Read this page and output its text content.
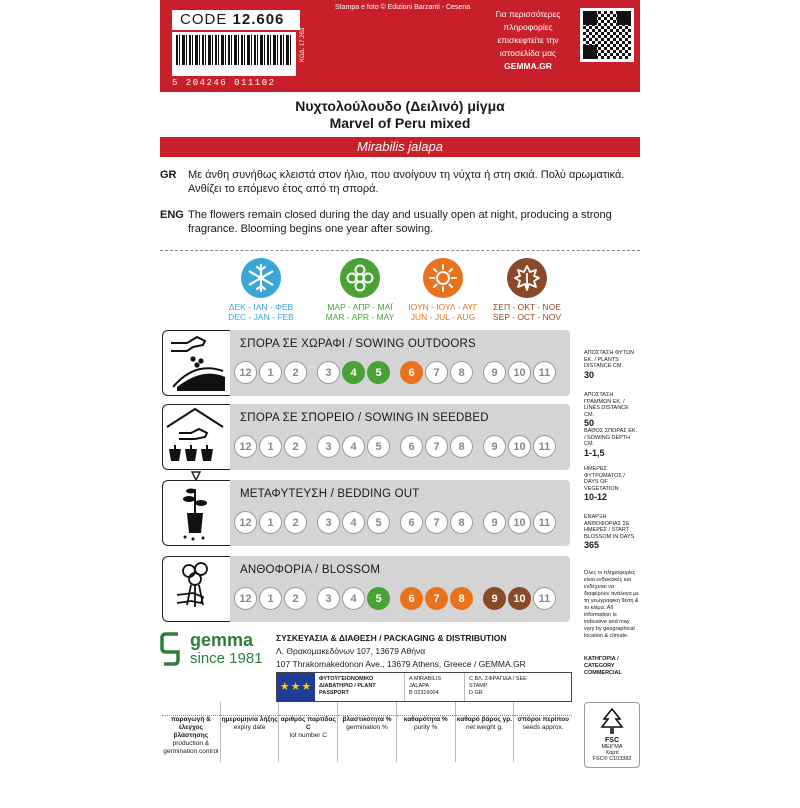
Stampa e foto © Edizioni Barzanti - Cesena
CODE 12.606
5 204246 011102
ΚΩΔ. 17.263
Για περισσότερες πληροφορίες επισκεφτείτε την ιστοσελίδα μας
GEMMA.GR
Νυχτολούλουδο (Δειλινό) μίγμα
Marvel of Peru mixed
Mirabilis jalapa
GR Με άνθη συνήθως κλειστά στον ήλιο, που ανοίγουν τη νύχτα ή στη σκιά. Πολύ αρωματικά. Ανθίζει το επόμενο έτος από τη σπορά.
ENG The flowers remain closed during the day and usually open at night, producing a strong fragrance. Blooming begins one year after sowing.
ΔΕΚ - ΙΑΝ - ΦΕΒ
DEC - JAN - FEB
ΜΑΡ - ΑΠΡ - ΜΑΪ
MAR - APR - MAY
ΙΟΥΝ - ΙΟΥΛ - ΑΥΓ
JUN - JUL - AUG
ΣΕΠ - ΟΚΤ - ΝΟΕ
SEP - OCT - NOV
ΣΠΟΡΑ ΣΕ ΧΩΡΑΦΙ / SOWING OUTDOORS
12	1	2	3	4	5	6	7	8	9	10	11
ΣΠΟΡΑ ΣΕ ΣΠΟΡΕΙΟ / SOWING IN SEEDBED
12	1	2	3	4	5	6	7	8	9	10	11
ΜΕΤΑΦΥΤΕΥΣΗ / BEDDING OUT
12	1	2	3	4	5	6	7	8	9	10	11
ΑΝΘΟΦΟΡΙΑ / BLOSSOM
12	1	2	3	4	5	6	7	8	9	10	11
ΑΠΟΣΤΑΣΗ ΦΥΤΩΝ ΕΚ. / PLANTS DISTANCE CM.
30
ΑΠΟΣΤΑΣΗ ΓΡΑΜΜΩΝ ΕΚ. / LINES DISTANCE CM.
50
ΒΑΘΟΣ ΣΠΟΡΑΣ ΕΚ. / SOWING DEPTH CM.
1-1,5
ΗΜΕΡΕΣ ΦΥΤΡΩΜΑΤΟΣ / DAYS OF VEGETATION
10-12
ΕΝΑΡΞΗ ΑΝΘΟΦΟΡΙΑΣ ΣΕ ΗΜΕΡΕΣ / START BLOSSOM IN DAYS
365
Όλες οι πληροφορίες είναι ενδεικτικές και ενδέχεται να διαφέρουν ανάλογα με τη γεωγραφική θέση & το κλίμα. All information is indicative and may vary by geographical location & climate.
ΚΑΤΗΓΟΡΙΑ / CATEGORY COMMERCIAL
gemma
since 1981
ΣΥΣΚΕΥΑΣΙΑ & ΔΙΑΘΕΣΗ / PACKAGING & DISTRIBUTION
Λ. Θρακομακεδόνων 107, 13679 Αθήνα
107 Thrakomakedonon Ave., 13679 Athens, Greece / GEMMA.GR
★★★
ΦΥΤΟΫΓΕΙΟΝΟΜΙΚΟ ΔΙΑΒΑΤΗΡΙΟ / PLANT PASSPORT
A MIRABILIS JALAPA
B 02319004
C ΒΛ. ΣΦΡΑΓΙΔΑ / SEE STAMP
D GR
παραγωγή & έλεγχος βλάστησης
production & germination control
ημερομηνία λήξης
expiry date
αριθμός παρτίδας C
lot number C
βλαστικότητα %
germination %
καθαρότητα %
purity %
καθαρό βάρος γρ.
net weight g.
σπόροι περίπου
seeds approx.
FSC
ΜΕΙΓΜΑ
Χαρτί
FSC® C103382
